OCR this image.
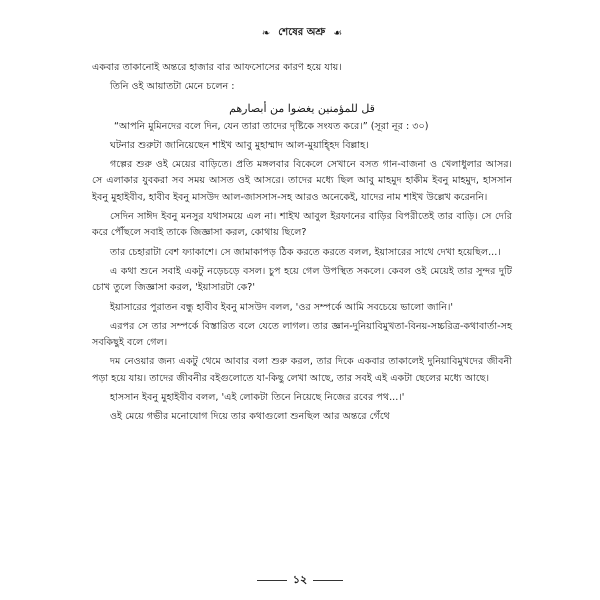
❧ শেষের অশ্রু ☙

একবার তাকানোই অন্তরে হাজার বার আফসোসের কারণ হয়ে যায়।

তিনি ওই আয়াতটা মেনে চলেন :

قل للمؤمنين يغضوا من أبصارهم

“আপনি মুমিনদের বলে দিন, যেন তারা তাদের দৃষ্টিকে সংযত করে।” (সূরা নূর : ৩০)

ঘটনার শুরুটা জানিয়েছেন শাইখ আবু মুহাম্মাদ আল-মুয়াহ্হিদ বিল্লাহ।

গল্পের শুরু ওই মেয়ের বাড়িতে। প্রতি মঙ্গলবার বিকেলে সেখানে বসত গান-বাজনা ও খেলাধুলার আসর। সে এলাকার যুবকরা সব সময় আসত ওই আসরে। তাদের মধ্যে ছিল আবু মাহমুদ হাকীম ইবনু মাহমুদ, হাসসান ইবনু মুহাইবীব, হাবীব ইবনু মাসউদ আল-জাসসাস-সহ আরও অনেকেই, যাদের নাম শাইখ উল্লেখ করেননি।

সেদিন সাঈদ ইবনু মনসুর যথাসময়ে এল না। শাইখ আবুল ইরফানের বাড়ির বিপরীতেই তার বাড়ি। সে দেরি করে পৌঁছলে সবাই তাকে জিজ্ঞাসা করল, কোথায় ছিলে?

তার চেহারাটা বেশ ফ্যাকাশে। সে জামাকাপড় ঠিক করতে করতে বলল, ইয়াসারের সাথে দেখা হয়েছিল...।

এ কথা শুনে সবাই একটু নড়েচড়ে বসল। চুপ হয়ে গেল উপস্থিত সকলে। কেবল ওই মেয়েই তার সুন্দর দুটি চোখ তুলে জিজ্ঞাসা করল, 'ইয়াসারটা কে?'

ইয়াসারের পুরাতন বন্ধু হাবীব ইবনু মাসউদ বলল, 'ওর সম্পর্কে আমি সবচেয়ে ভালো জানি।'

এরপর সে তার সম্পর্কে বিস্তারিত বলে যেতে লাগল। তার জ্ঞান-দুনিয়াবিমুখতা-বিনয়-সচ্চরিত্র-কথাবার্তা-সহ সবকিছুই বলে গেল।

দম নেওয়ার জন্য একটু থেমে আবার বলা শুরু করল, তার দিকে একবার তাকালেই দুনিয়াবিমুখদের জীবনী পড়া হয়ে যায়। তাদের জীবনীর বইগুলোতে যা-কিছু লেখা আছে, তার সবই এই একটা ছেলের মধ্যে আছে।

হাসসান ইবনু মুহাইবীব বলল, 'এই লোকটা তিনে নিয়েছে নিজের রবের পথ...।'

ওই মেয়ে গভীর মনোযোগ দিয়ে তার কথাগুলো শুনছিল আর অন্তরে গেঁথে

১২
